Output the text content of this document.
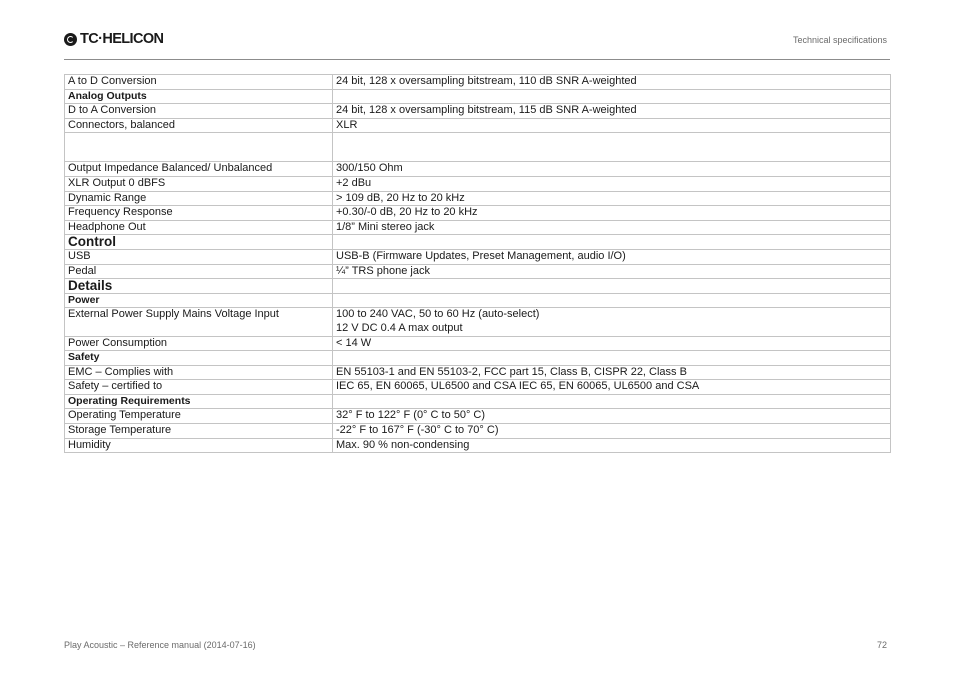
TC·HELICON	Technical specifications
A to D Conversion	24 bit, 128 x oversampling bitstream, 110 dB SNR A-weighted
Analog Outputs	
D to A Conversion	24 bit, 128 x oversampling bitstream, 115 dB SNR A-weighted
Connectors, balanced	XLR

Output Impedance Balanced/ Unbalanced	300/150 Ohm
XLR Output 0 dBFS	+2 dBu
Dynamic Range	> 109 dB, 20 Hz to 20 kHz
Frequency Response	+0.30/-0 dB, 20 Hz to 20 kHz
Headphone Out	1/8” Mini stereo jack
Control	
USB	USB-B (Firmware Updates, Preset Management, audio I/O)
Pedal	¼” TRS phone jack
Details	
Power	
External Power Supply Mains Voltage Input	100 to 240 VAC, 50 to 60 Hz (auto-select)
12 V DC 0.4 A max output

Power Consumption	< 14 W
Safety	
EMC – Complies with	EN 55103-1 and EN 55103-2, FCC part 15, Class B, CISPR 22, Class B
Safety – certified to	IEC 65, EN 60065, UL6500 and CSA IEC 65, EN 60065, UL6500 and CSA
Operating Requirements	
Operating Temperature	32° F to 122° F (0° C to 50° C)
Storage Temperature	-22° F to 167° F (-30° C to 70° C)
Humidity	Max. 90 % non-condensing
Play Acoustic – Reference manual (2014-07-16)	72
